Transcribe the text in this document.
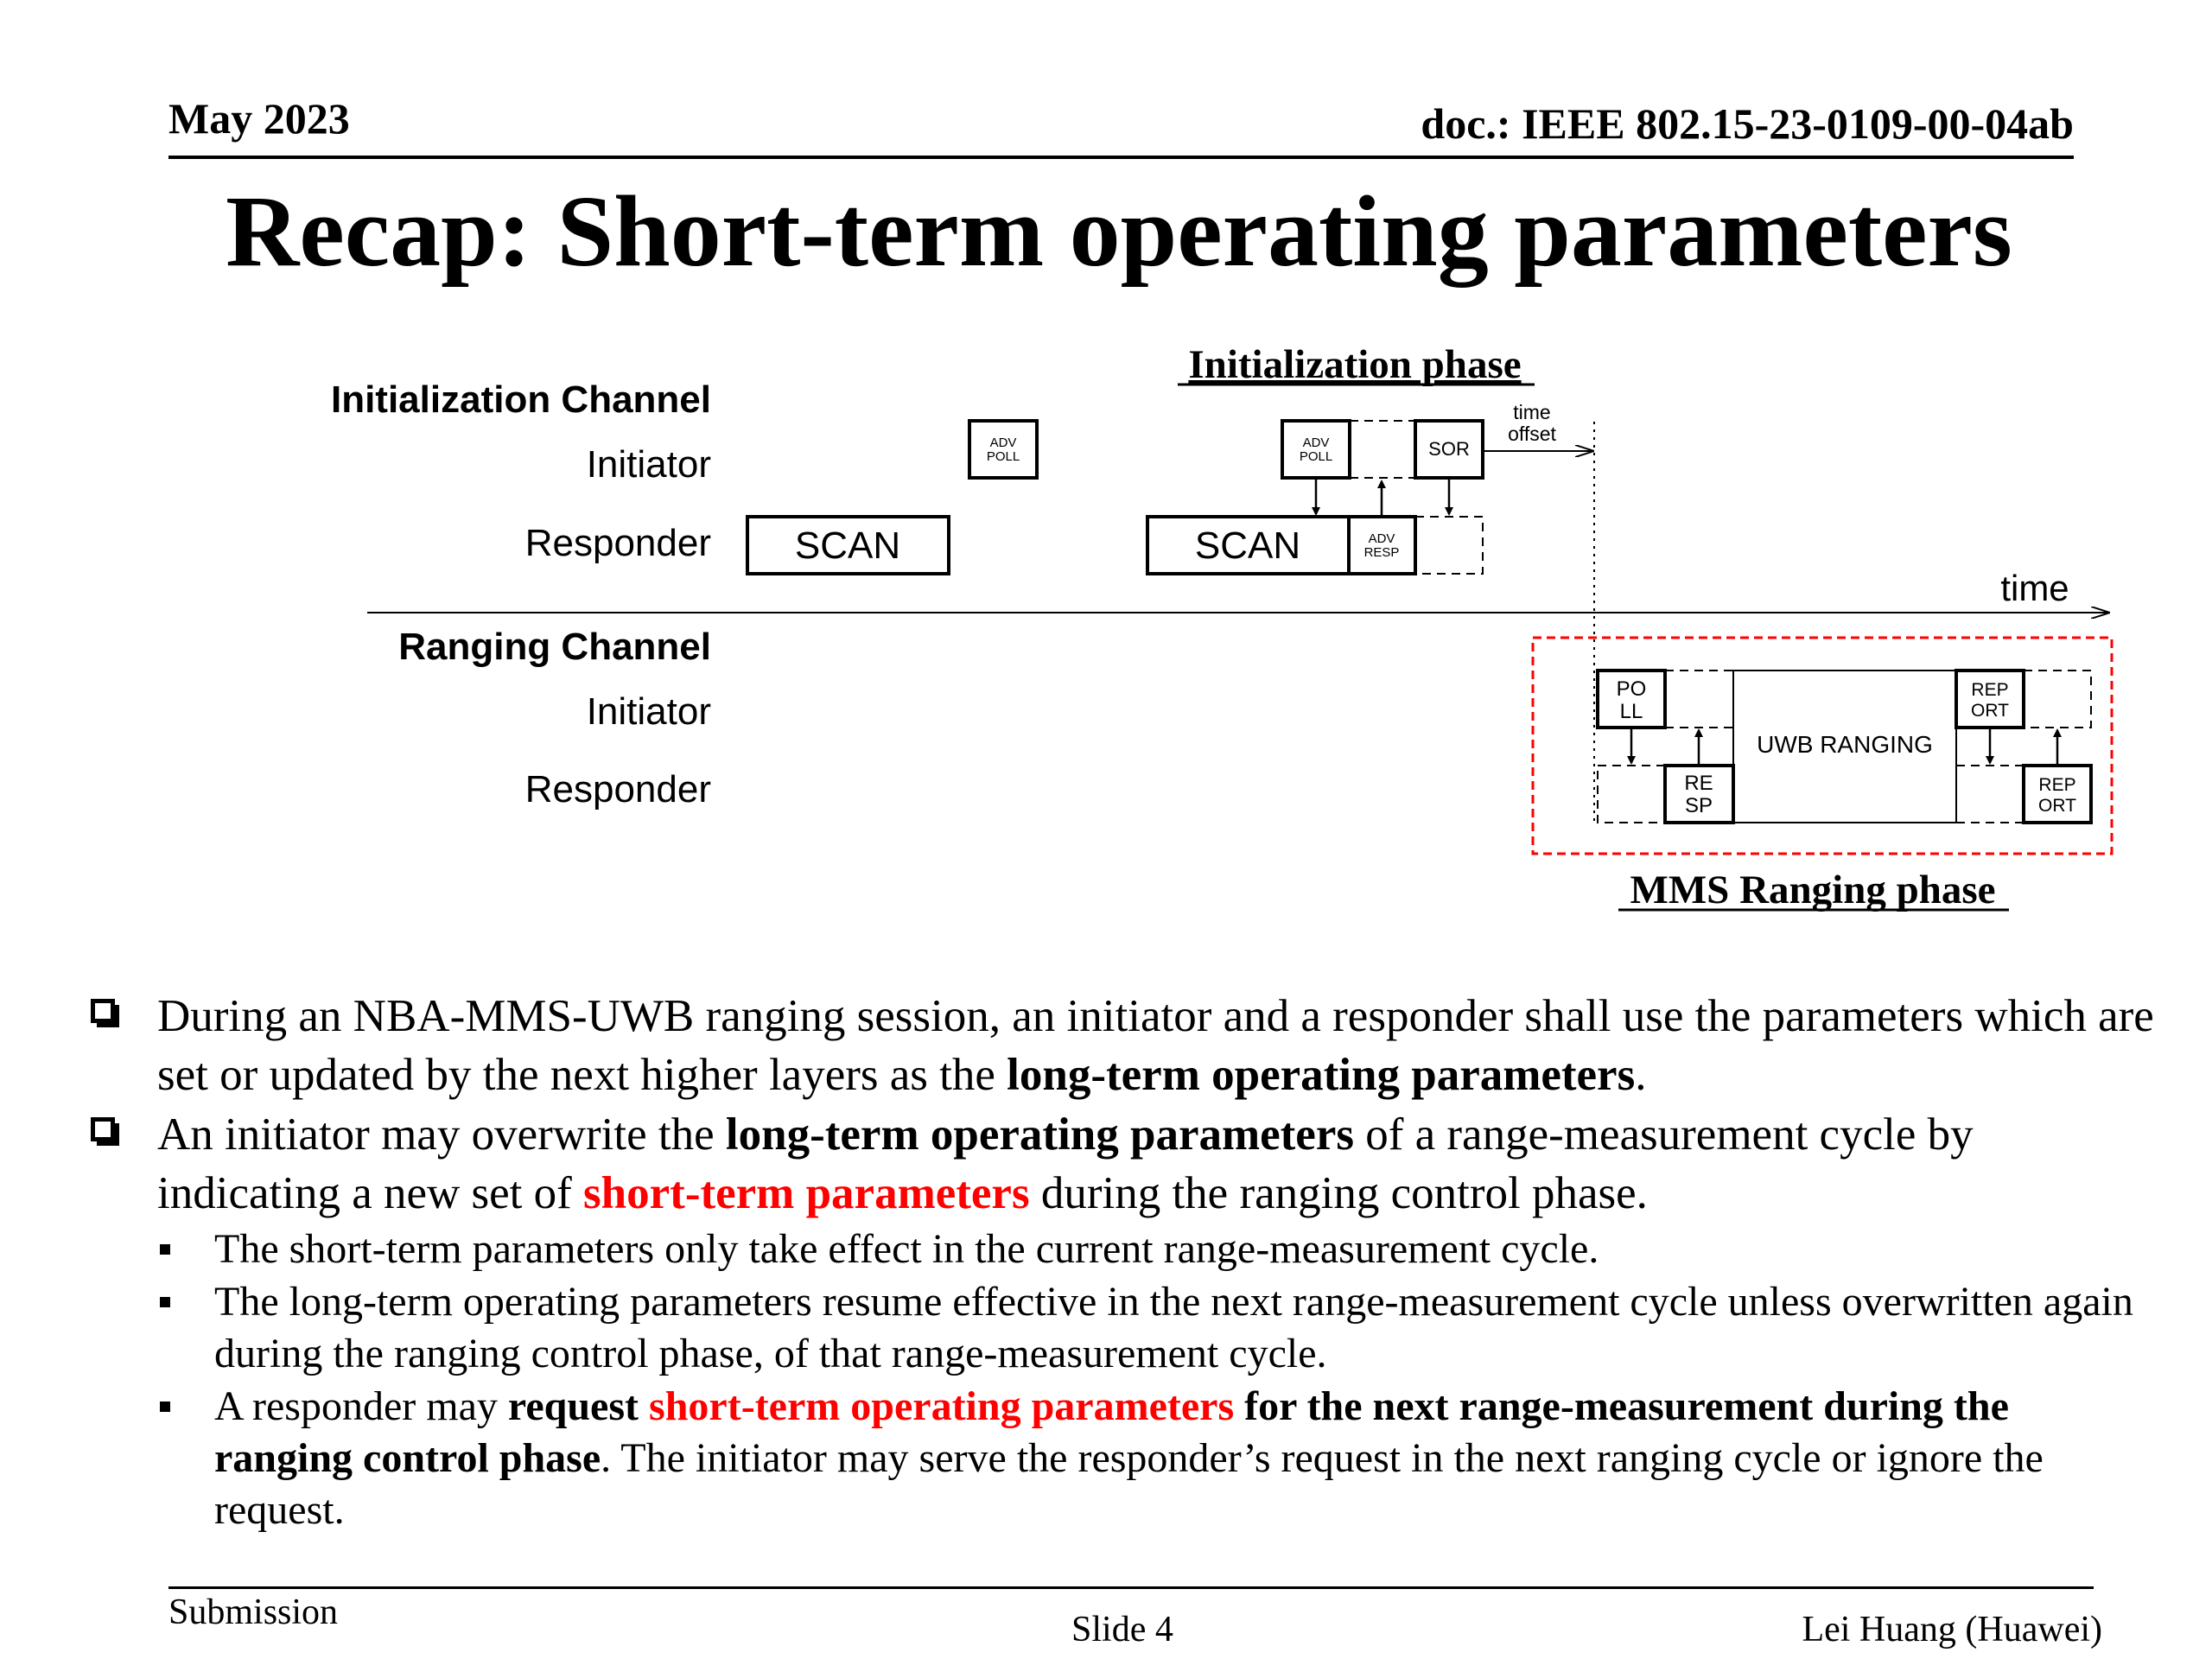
May 2023	doc.: IEEE 802.15-23-0109-00-04ab
Recap: Short-term operating parameters
Initialization phase
MMS Ranging phase
Initialization Channel
Initiator
Responder
Ranging Channel
Initiator
Responder
time
SCAN
ADV
POLL
SCAN	ADV
RESP
ADV
POLL	SOR
time
offset
PO
LL
UWB RANGING
REP
ORT
RE
SP
REP
ORT
During an NBA-MMS-UWB ranging session, an initiator and a responder shall use the parameters which are set or updated by the next higher layers as the long-term operating parameters.
An initiator may overwrite the long-term operating parameters of a range-measurement cycle by indicating a new set of short-term parameters during the ranging control phase.
The short-term parameters only take effect in the current range-measurement cycle.
The long-term operating parameters resume effective in the next range-measurement cycle unless overwritten again during the ranging control phase, of that range-measurement cycle.
A responder may request short-term operating parameters for the next range-measurement during the ranging control phase. The initiator may serve the responder’s request in the next ranging cycle or ignore the request.
Submission	Slide 4	Lei Huang (Huawei)
